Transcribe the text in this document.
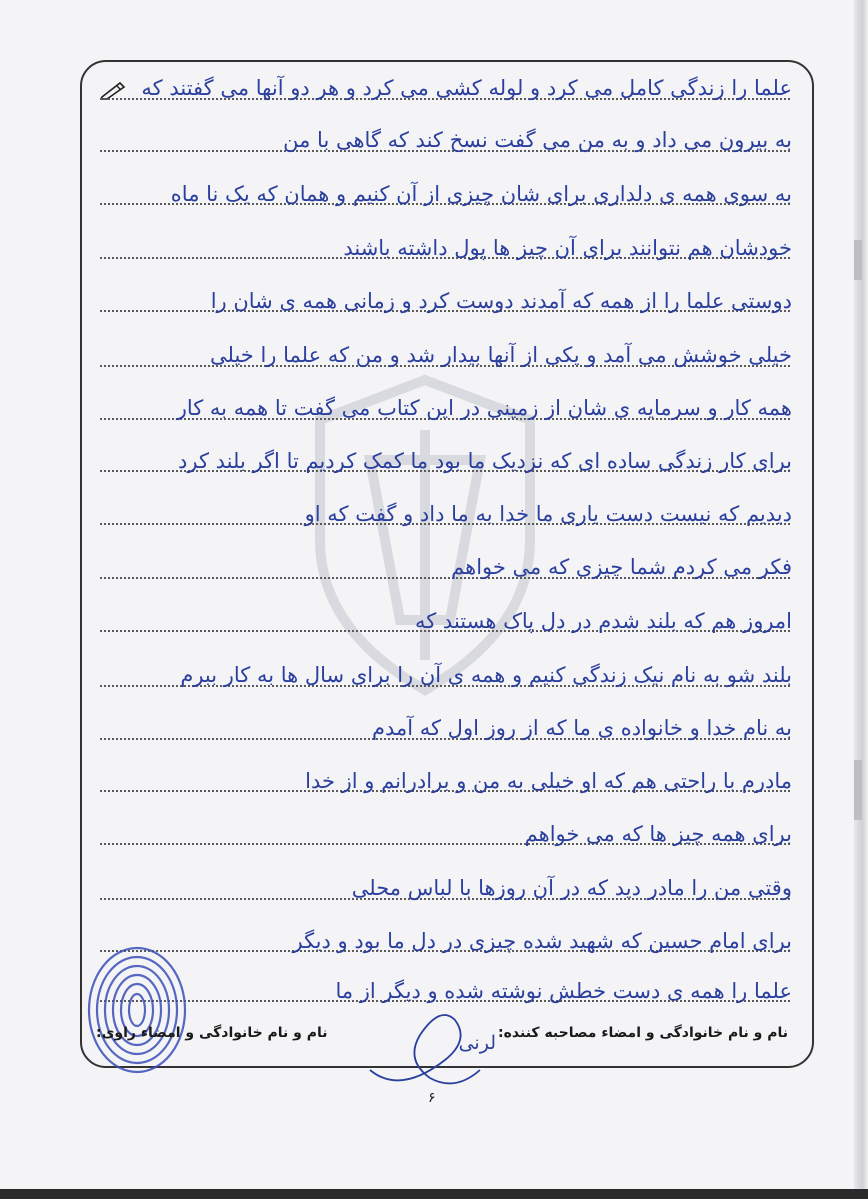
علما را زندگی کامل می کرد و لوله کشی می کرد و هر دو آنها می گفتند که
به بیرون می داد و به من می گفت نسخ کند که گاهی با من
به سوی همه ی دلداری برای شان چیزی از آن کنیم و همان که یک نا ماه
خودشان هم نتوانند برای آن چیز ها پول داشته باشند
دوستی علما را از همه که آمدند دوست کرد و زمانی همه ی شان را
خیلی خوشش می آمد و یکی از آنها بیدار شد و من که علما را خیلی
همه کار و سرمایه ی شان از زمینی در این کتاب می گفت تا همه به کار
برای کار زندگی ساده ای که نزدیک ما بود ما کمک کردیم تا اگر بلند کرد
دیدیم که نیست دست یاری ما خدا به ما داد و گفت که او
فکر می کردم شما چیزی که می خواهم
امروز هم که بلند شدم در دل پاک هستند که
بلند شو به نام نیک زندگی کنیم و همه ی آن را برای سال ها به کار ببرم
به نام خدا و خانواده ی ما که از روز اول که آمدم
مادرم با راحتی هم که او خیلی به من و برادرانم و از خدا
برای همه چیز ها که می خواهم
وقتی من را مادر دید که در آن روزها با لباس محلی
برای امام حسین که شهید شده چیزی در دل ما بود و دیگر
علما را همه ی دست خطش نوشته شده و دیگر از ما
نام و نام خانوادگی و امضاء راوی:	لرنی نام و نام خانوادگی و امضاء مصاحبه کننده:
۶
